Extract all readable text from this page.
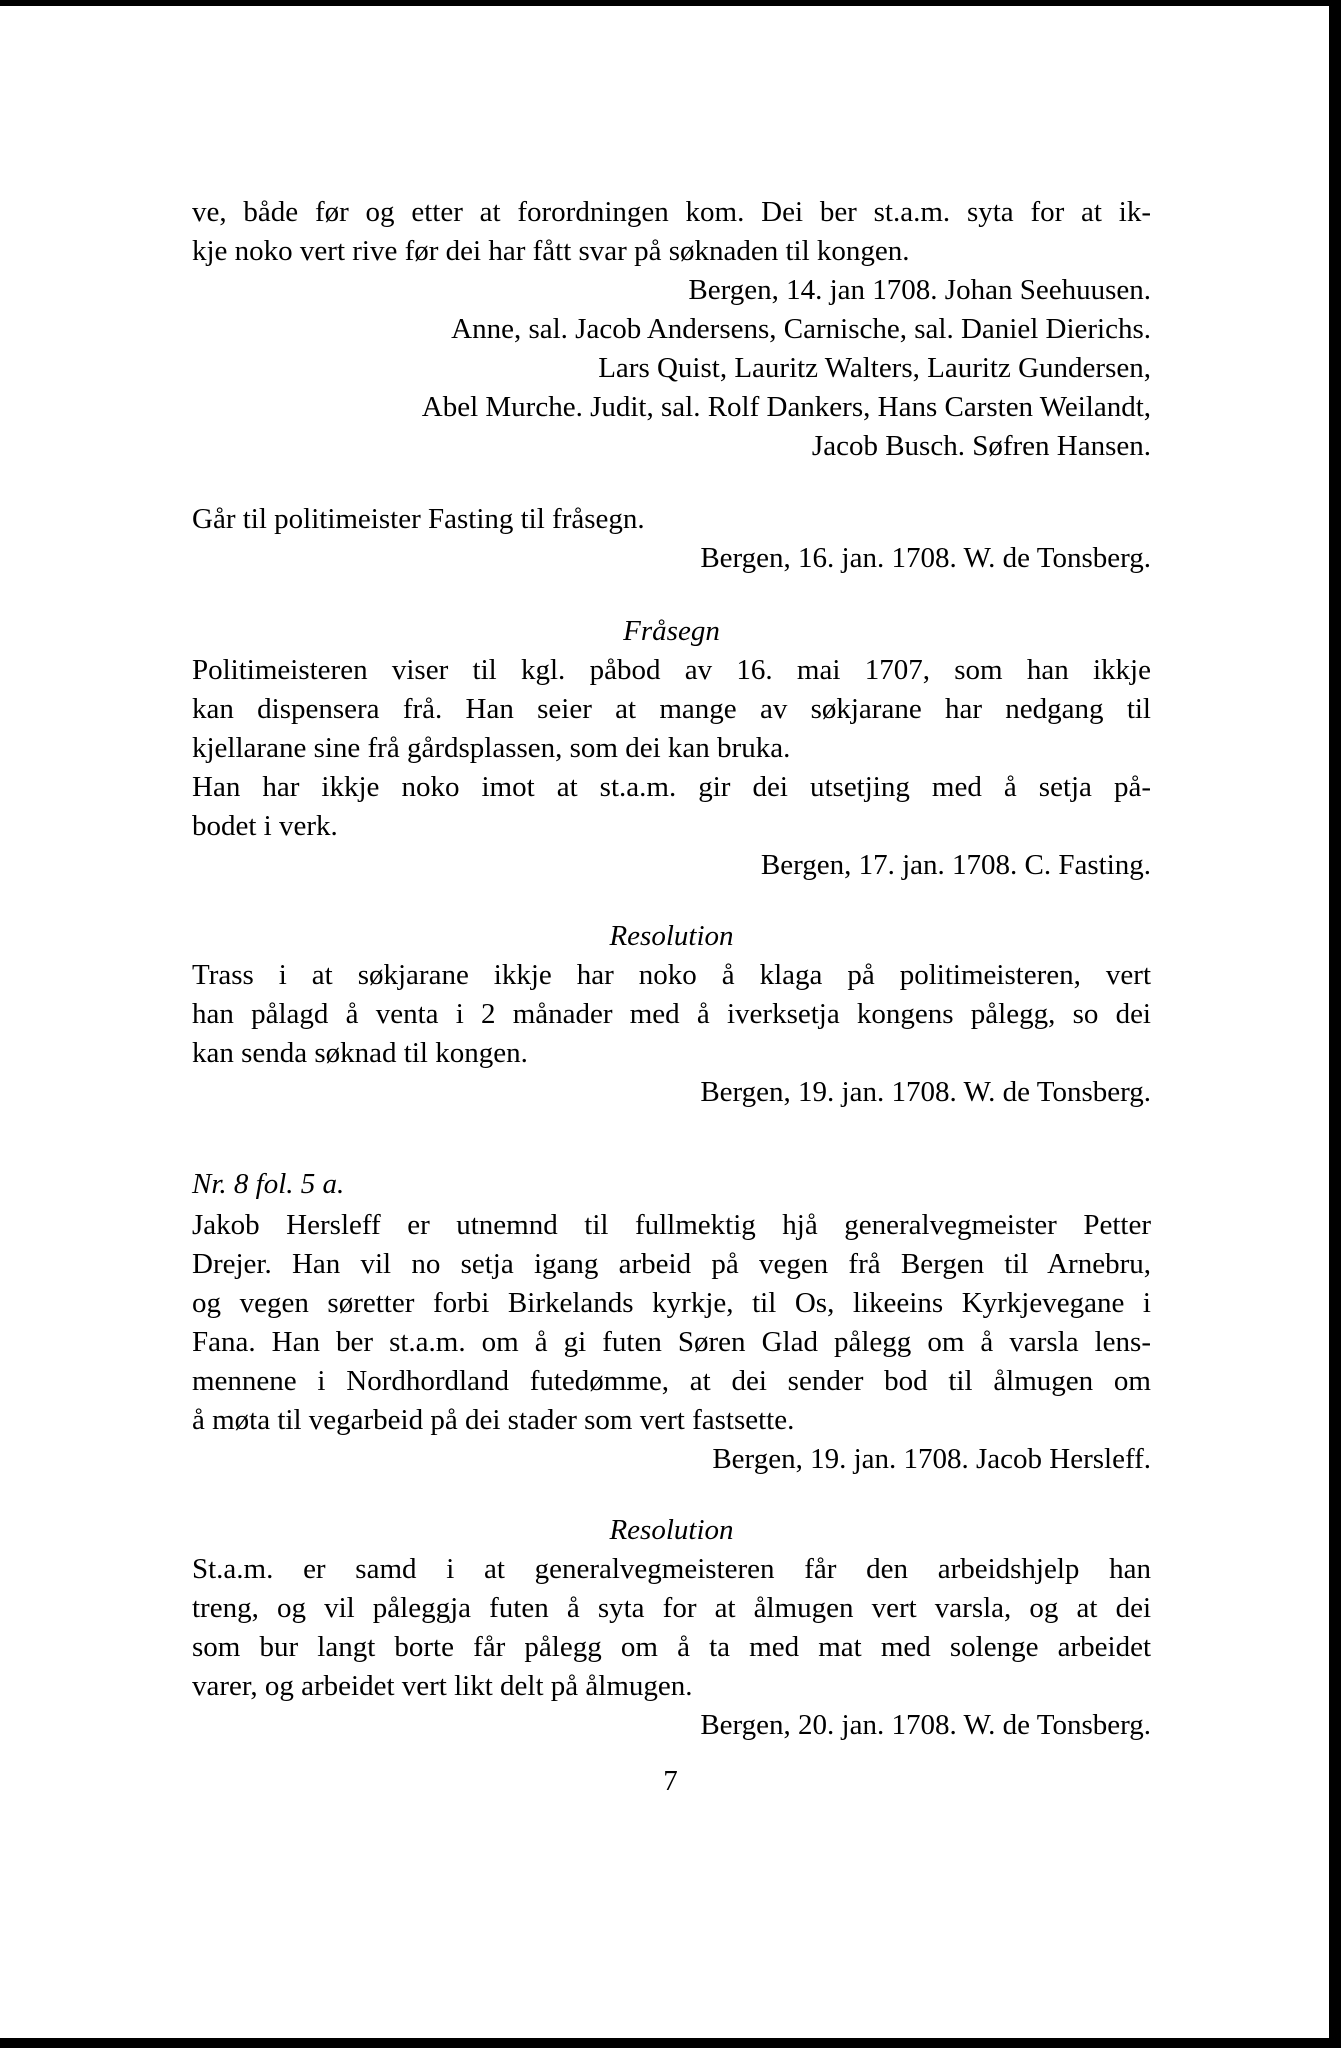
ve, både før og etter at forordningen kom. Dei ber st.a.m. syta for at ik-
kje noko vert rive før dei har fått svar på søknaden til kongen.
Bergen, 14. jan 1708. Johan Seehuusen.
Anne, sal. Jacob Andersens, Carnische, sal. Daniel Dierichs.
Lars Quist, Lauritz Walters, Lauritz Gundersen,
Abel Murche. Judit, sal. Rolf Dankers, Hans Carsten Weilandt,
Jacob Busch. Søfren Hansen.
Går til politimeister Fasting til fråsegn.
Bergen, 16. jan. 1708. W. de Tonsberg.
Fråsegn
Politimeisteren viser til kgl. påbod av 16. mai 1707, som han ikkje
kan dispensera frå. Han seier at mange av søkjarane har nedgang til
kjellarane sine frå gårdsplassen, som dei kan bruka.
Han har ikkje noko imot at st.a.m. gir dei utsetjing med å setja på-
bodet i verk.
Bergen, 17. jan. 1708. C. Fasting.
Resolution
Trass i at søkjarane ikkje har noko å klaga på politimeisteren, vert
han pålagd å venta i 2 månader med å iverksetja kongens pålegg, so dei
kan senda søknad til kongen.
Bergen, 19. jan. 1708. W. de Tonsberg.
Nr. 8 fol. 5 a.
Jakob Hersleff er utnemnd til fullmektig hjå generalvegmeister Petter
Drejer. Han vil no setja igang arbeid på vegen frå Bergen til Arnebru,
og vegen søretter forbi Birkelands kyrkje, til Os, likeeins Kyrkjevegane i
Fana. Han ber st.a.m. om å gi futen Søren Glad pålegg om å varsla lens-
mennene i Nordhordland futedømme, at dei sender bod til ålmugen om
å møta til vegarbeid på dei stader som vert fastsette.
Bergen, 19. jan. 1708. Jacob Hersleff.
Resolution
St.a.m. er samd i at generalvegmeisteren får den arbeidshjelp han
treng, og vil påleggja futen å syta for at ålmugen vert varsla, og at dei
som bur langt borte får pålegg om å ta med mat med solenge arbeidet
varer, og arbeidet vert likt delt på ålmugen.
Bergen, 20. jan. 1708. W. de Tonsberg.
7
